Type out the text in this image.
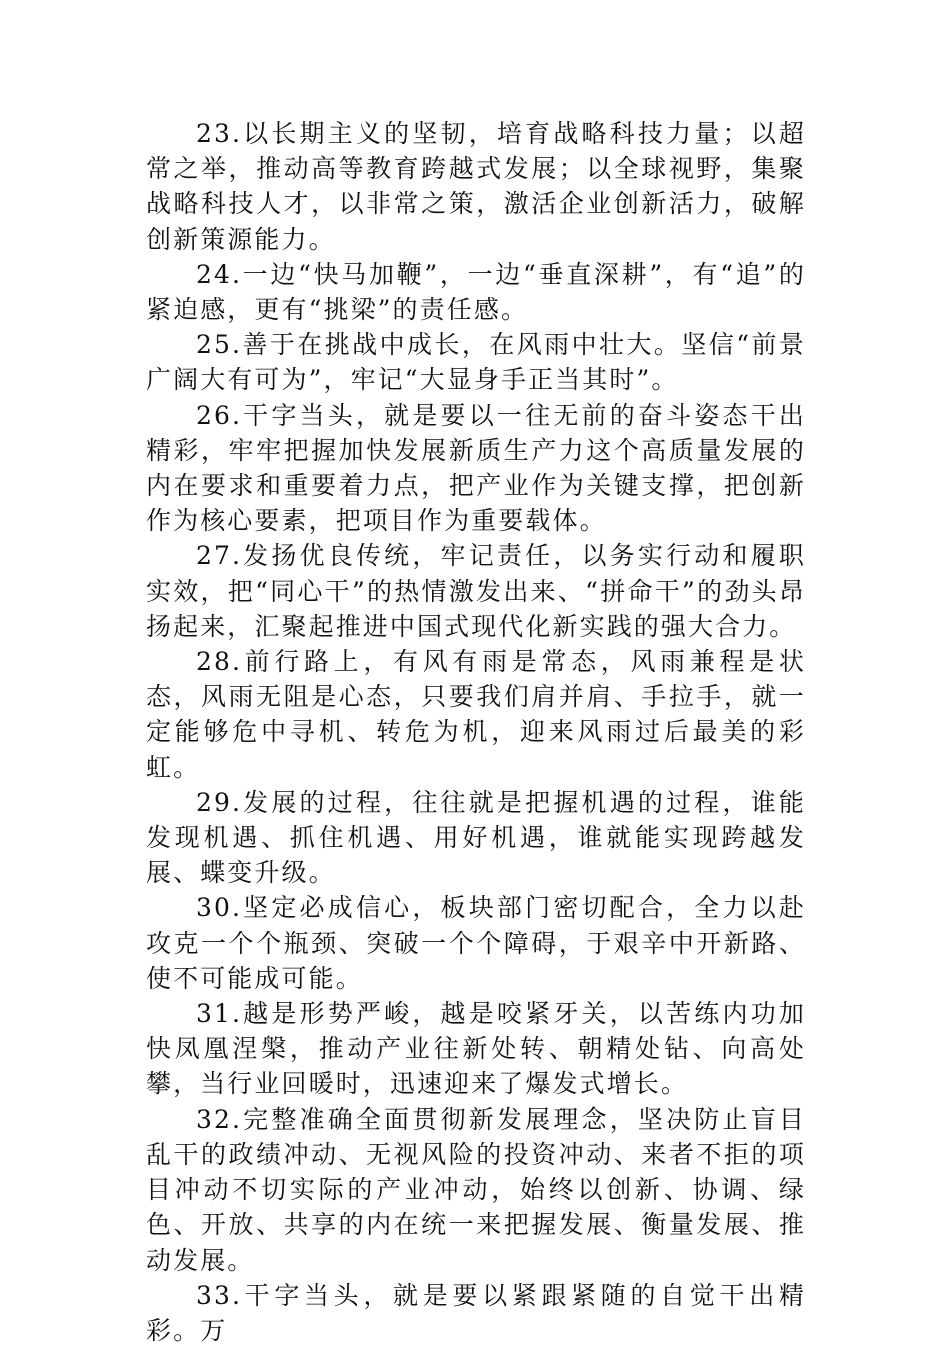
23.以长期主义的坚韧，培育战略科技力量；以超常之举，推动高等教育跨越式发展；以全球视野，集聚战略科技人才，以非常之策，激活企业创新活力，破解创新策源能力。

24.一边“快马加鞭”，一边“垂直深耕”，有“追”的紧迫感，更有“挑梁”的责任感。

25.善于在挑战中成长，在风雨中壮大。坚信“前景广阔大有可为”，牢记“大显身手正当其时”。

26.干字当头，就是要以一往无前的奋斗姿态干出精彩，牢牢把握加快发展新质生产力这个高质量发展的内在要求和重要着力点，把产业作为关键支撑，把创新作为核心要素，把项目作为重要载体。

27.发扬优良传统，牢记责任，以务实行动和履职实效，把“同心干”的热情激发出来、“拼命干”的劲头昂扬起来，汇聚起推进中国式现代化新实践的强大合力。

28.前行路上，有风有雨是常态，风雨兼程是状态，风雨无阻是心态，只要我们肩并肩、手拉手，就一定能够危中寻机、转危为机，迎来风雨过后最美的彩虹。

29.发展的过程，往往就是把握机遇的过程，谁能发现机遇、抓住机遇、用好机遇，谁就能实现跨越发展、蝶变升级。

30.坚定必成信心，板块部门密切配合，全力以赴攻克一个个瓶颈、突破一个个障碍，于艰辛中开新路、使不可能成可能。

31.越是形势严峻，越是咬紧牙关，以苦练内功加快凤凰涅槃，推动产业往新处转、朝精处钻、向高处攀，当行业回暖时，迅速迎来了爆发式增长。

32.完整准确全面贯彻新发展理念，坚决防止盲目乱干的政绩冲动、无视风险的投资冲动、来者不拒的项目冲动不切实际的产业冲动，始终以创新、协调、绿色、开放、共享的内在统一来把握发展、衡量发展、推动发展。

33.干字当头，就是要以紧跟紧随的自觉干出精彩。万
